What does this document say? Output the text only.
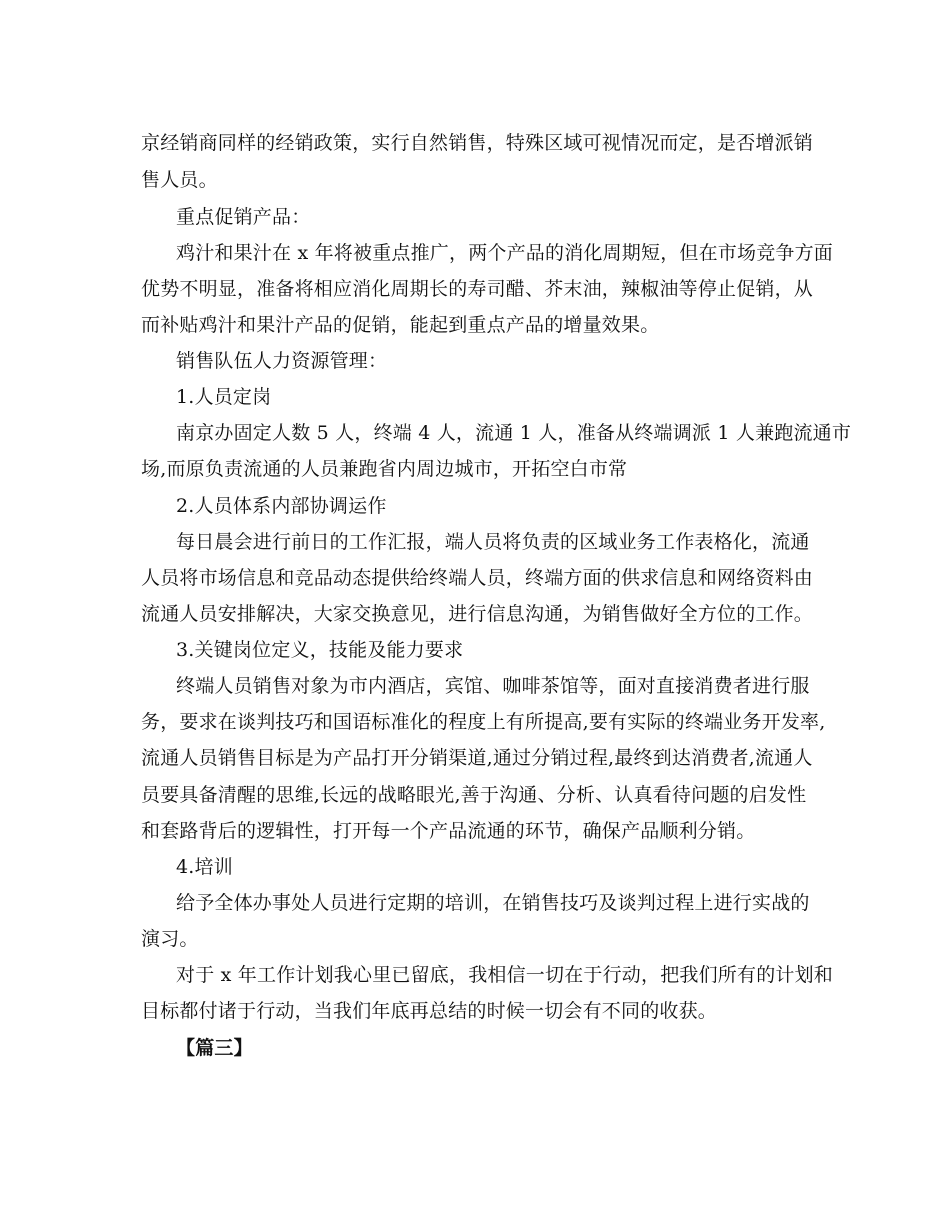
京经销商同样的经销政策，实行自然销售，特殊区域可视情况而定，是否增派销
售人员。
重点促销产品：
鸡汁和果汁在 x 年将被重点推广，两个产品的消化周期短，但在市场竞争方面
优势不明显，准备将相应消化周期长的寿司醋、芥末油，辣椒油等停止促销，从
而补贴鸡汁和果汁产品的促销，能起到重点产品的增量效果。
销售队伍人力资源管理：
1.人员定岗
南京办固定人数 5 人，终端 4 人，流通 1 人，准备从终端调派 1 人兼跑流通市
场,而原负责流通的人员兼跑省内周边城市，开拓空白市常
2.人员体系内部协调运作
每日晨会进行前日的工作汇报，端人员将负责的区域业务工作表格化，流通
人员将市场信息和竞品动态提供给终端人员，终端方面的供求信息和网络资料由
流通人员安排解决，大家交换意见，进行信息沟通，为销售做好全方位的工作。
3.关键岗位定义，技能及能力要求
终端人员销售对象为市内酒店，宾馆、咖啡茶馆等，面对直接消费者进行服
务，要求在谈判技巧和国语标准化的程度上有所提高,要有实际的终端业务开发率,
流通人员销售目标是为产品打开分销渠道,通过分销过程,最终到达消费者,流通人
员要具备清醒的思维,长远的战略眼光,善于沟通、分析、认真看待问题的启发性
和套路背后的逻辑性，打开每一个产品流通的环节，确保产品顺利分销。
4.培训
给予全体办事处人员进行定期的培训，在销售技巧及谈判过程上进行实战的
演习。
对于 x 年工作计划我心里已留底，我相信一切在于行动，把我们所有的计划和
目标都付诸于行动，当我们年底再总结的时候一切会有不同的收获。
【篇三】
